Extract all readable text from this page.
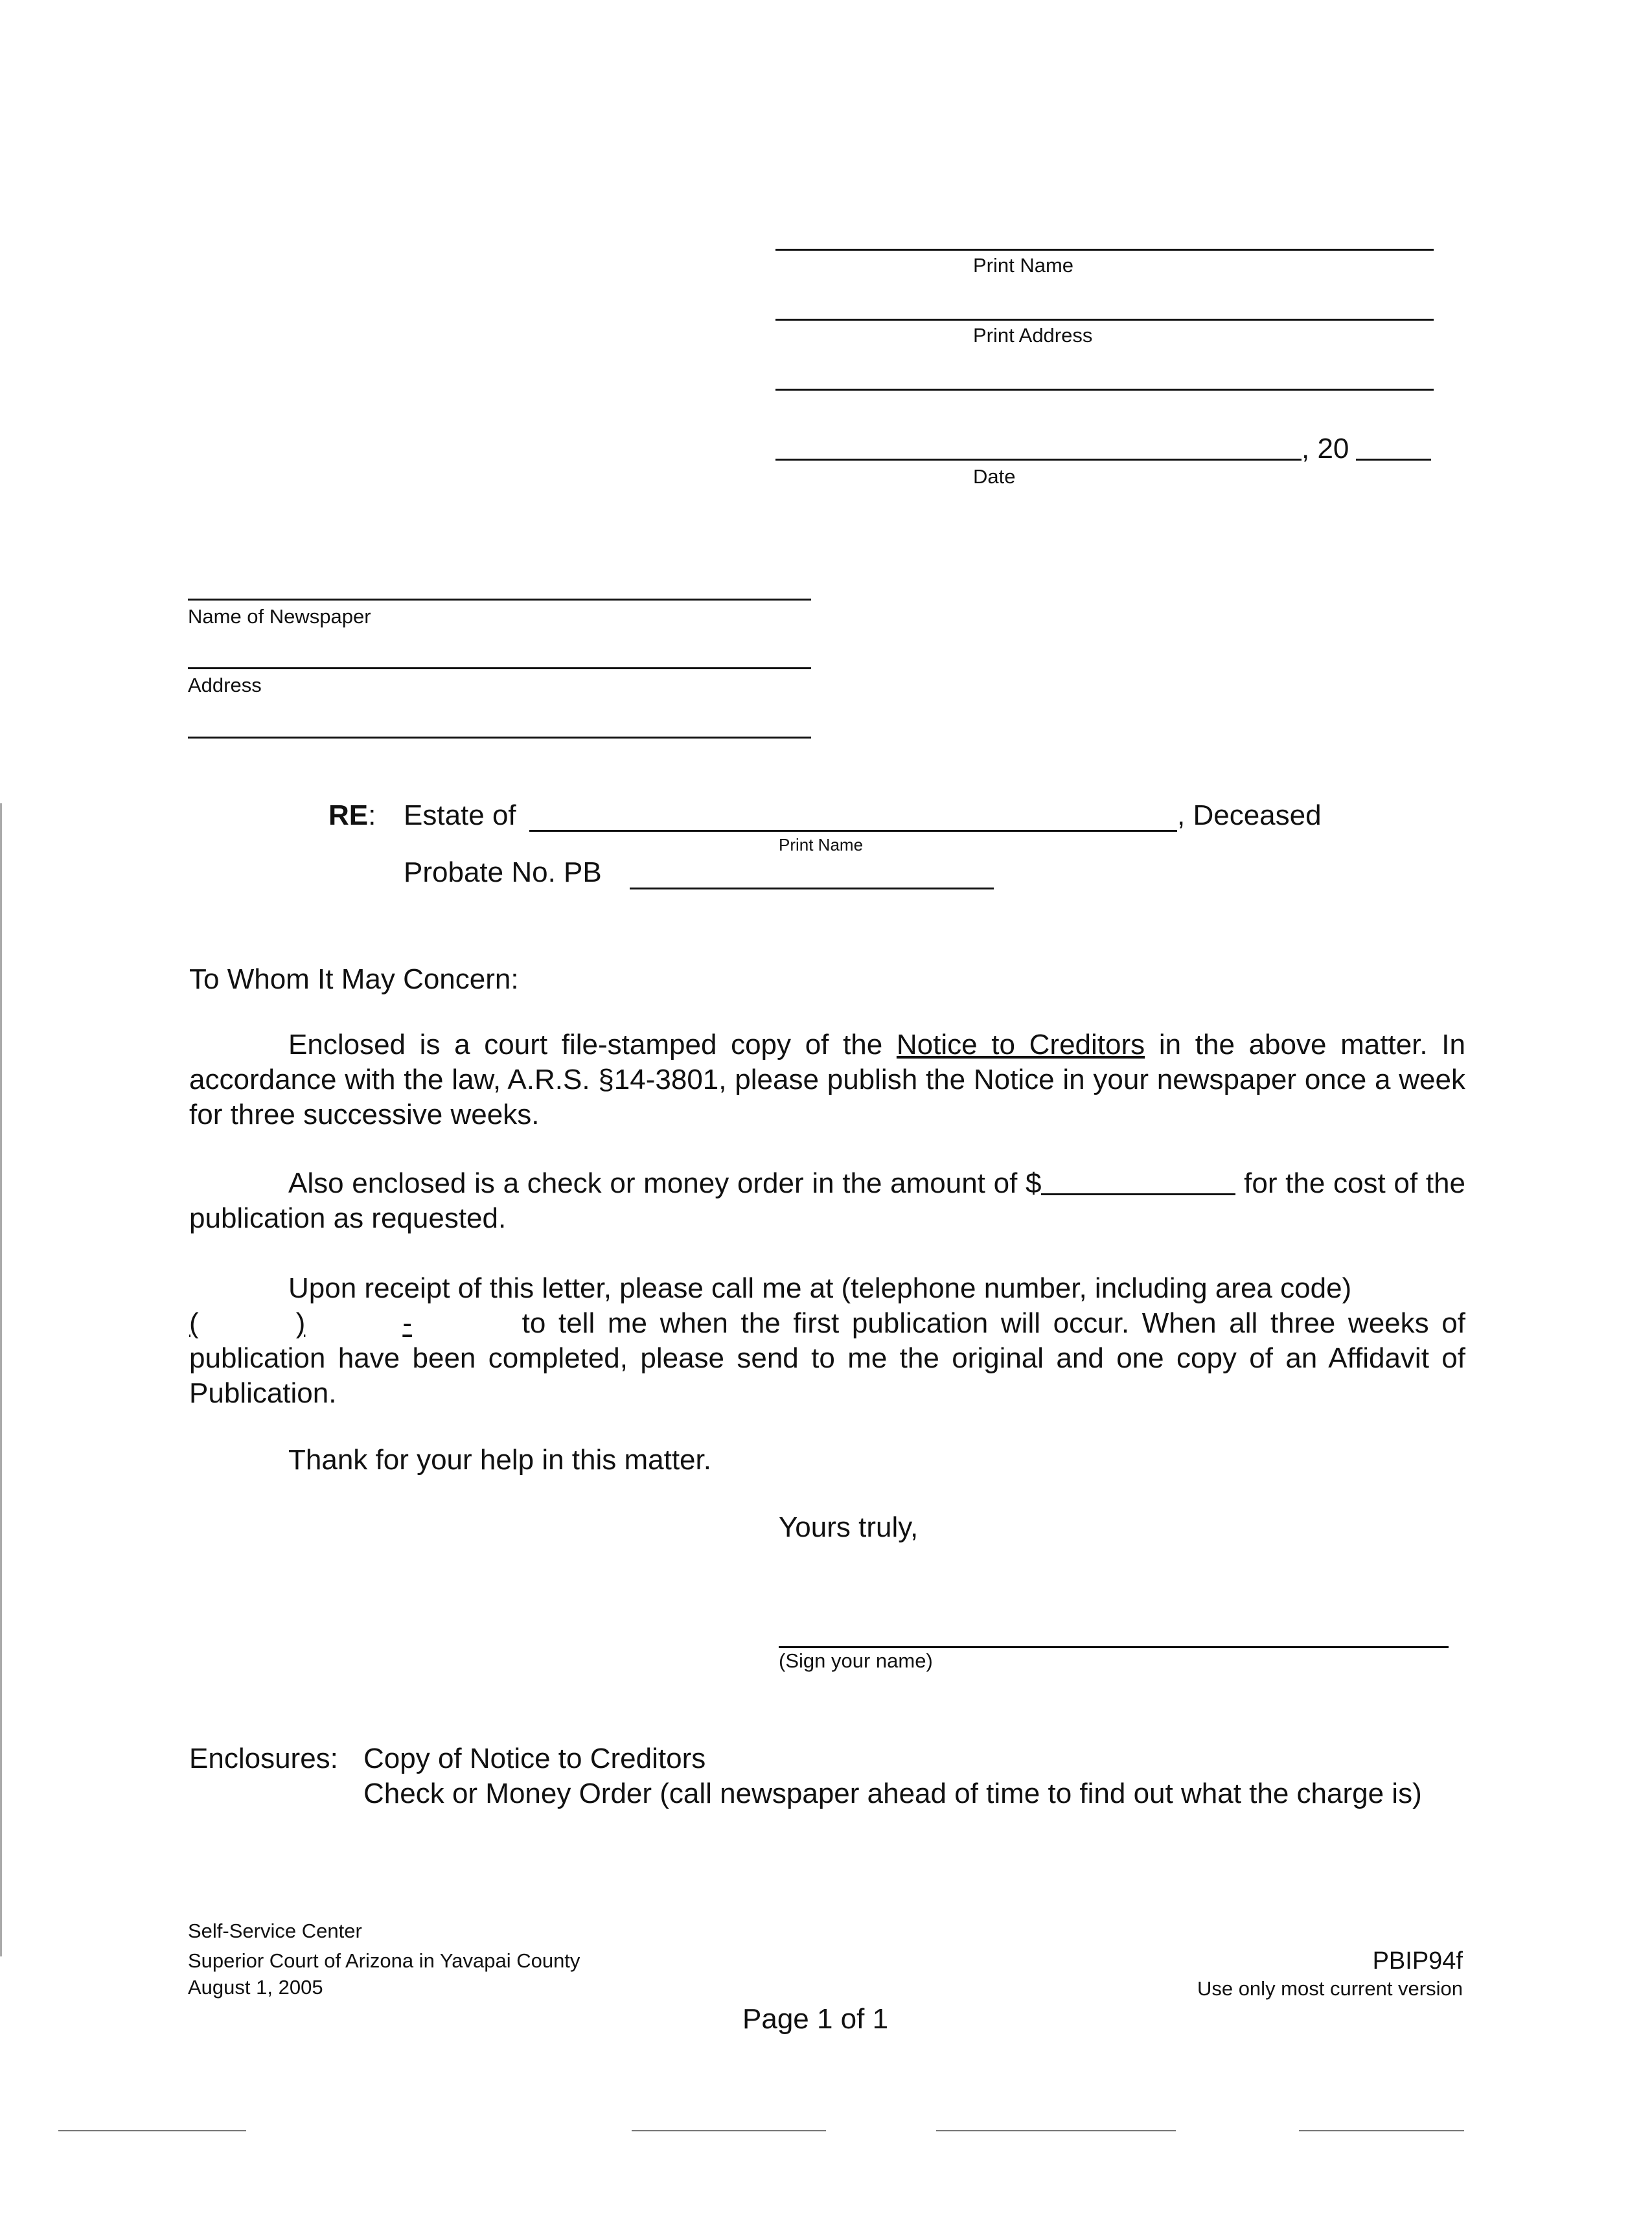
Print Name
Print Address
, 20
Date
Name of Newspaper
Address
RE: Estate of	, Deceased
Print Name
Probate No. PB
To Whom It May Concern:
Enclosed is a court file-stamped copy of the Notice to Creditors in the above matter. In accordance with the law, A.R.S. §14-3801, please publish the Notice in your newspaper once a week for three successive weeks.
Also enclosed is a check or money order in the amount of $	for the cost of the publication as requested.
Upon receipt of this letter, please call me at (telephone number, including area code)
(	)	-	to tell me when the first publication will occur. When all three weeks of publication have been completed, please send to me the original and one copy of an Affidavit of Publication.
Thank for your help in this matter.
Yours truly,
(Sign your name)
Enclosures: Copy of Notice to Creditors
Check or Money Order (call newspaper ahead of time to find out what the charge is)
Self-Service Center
Superior Court of Arizona in Yavapai County
August 1, 2005
PBIP94f
Use only most current version
Page 1 of 1
